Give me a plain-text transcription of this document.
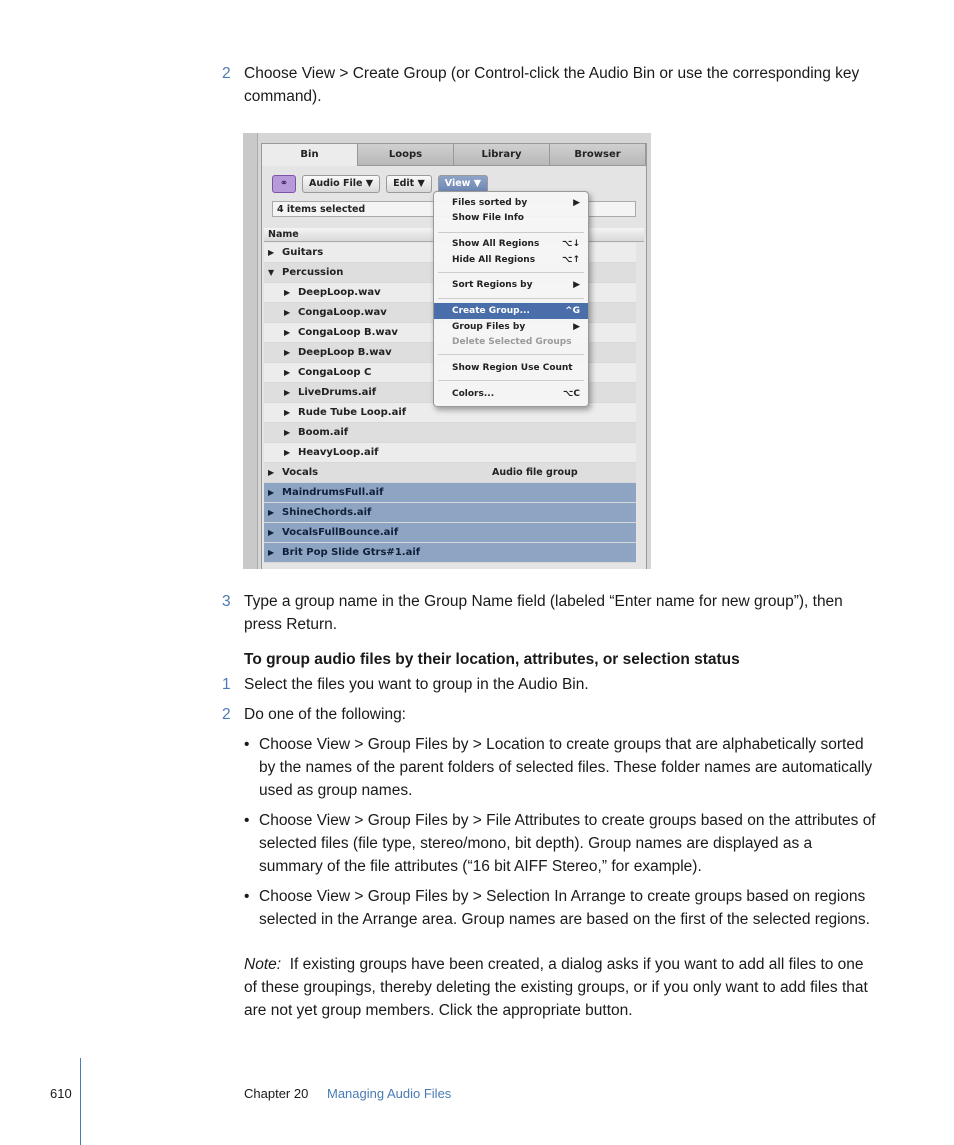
2 Choose View > Create Group (or Control-click the Audio Bin or use the corresponding key command).
Bin	Loops	Library	Browser
⚭	Audio File ▼	Edit ▼	View ▼
4 items selected
Name
▶ Guitars
▼ Percussion
▶ DeepLoop.wav
▶ CongaLoop.wav
▶ CongaLoop B.wav
▶ DeepLoop B.wav
▶ CongaLoop C
▶ LiveDrums.aif
▶ Rude Tube Loop.aif
▶ Boom.aif
▶ HeavyLoop.aif
▶ Vocals	Audio file group
▶ MaindrumsFull.aif
▶ ShineChords.aif
▶ VocalsFullBounce.aif
▶ Brit Pop Slide Gtrs#1.aif
Files sorted by	▶
Show File Info
Show All Regions	⌥↓
Hide All Regions	⌥↑
Sort Regions by	▶
Create Group...	^G
Group Files by	▶
Delete Selected Groups
Show Region Use Count
Colors...	⌥C
3 Type a group name in the Group Name field (labeled “Enter name for new group”), then press Return.
To group audio files by their location, attributes, or selection status
1 Select the files you want to group in the Audio Bin.
2 Do one of the following:
• Choose View > Group Files by > Location to create groups that are alphabetically sorted by the names of the parent folders of selected files. These folder names are automatically used as group names.
• Choose View > Group Files by > File Attributes to create groups based on the attributes of selected files (file type, stereo/mono, bit depth). Group names are displayed as a summary of the file attributes (“16 bit AIFF Stereo,” for example).
• Choose View > Group Files by > Selection In Arrange to create groups based on regions selected in the Arrange area. Group names are based on the first of the selected regions.
Note: If existing groups have been created, a dialog asks if you want to add all files to one of these groupings, thereby deleting the existing groups, or if you only want to add files that are not yet group members. Click the appropriate button.
610	Chapter 20 Managing Audio Files
